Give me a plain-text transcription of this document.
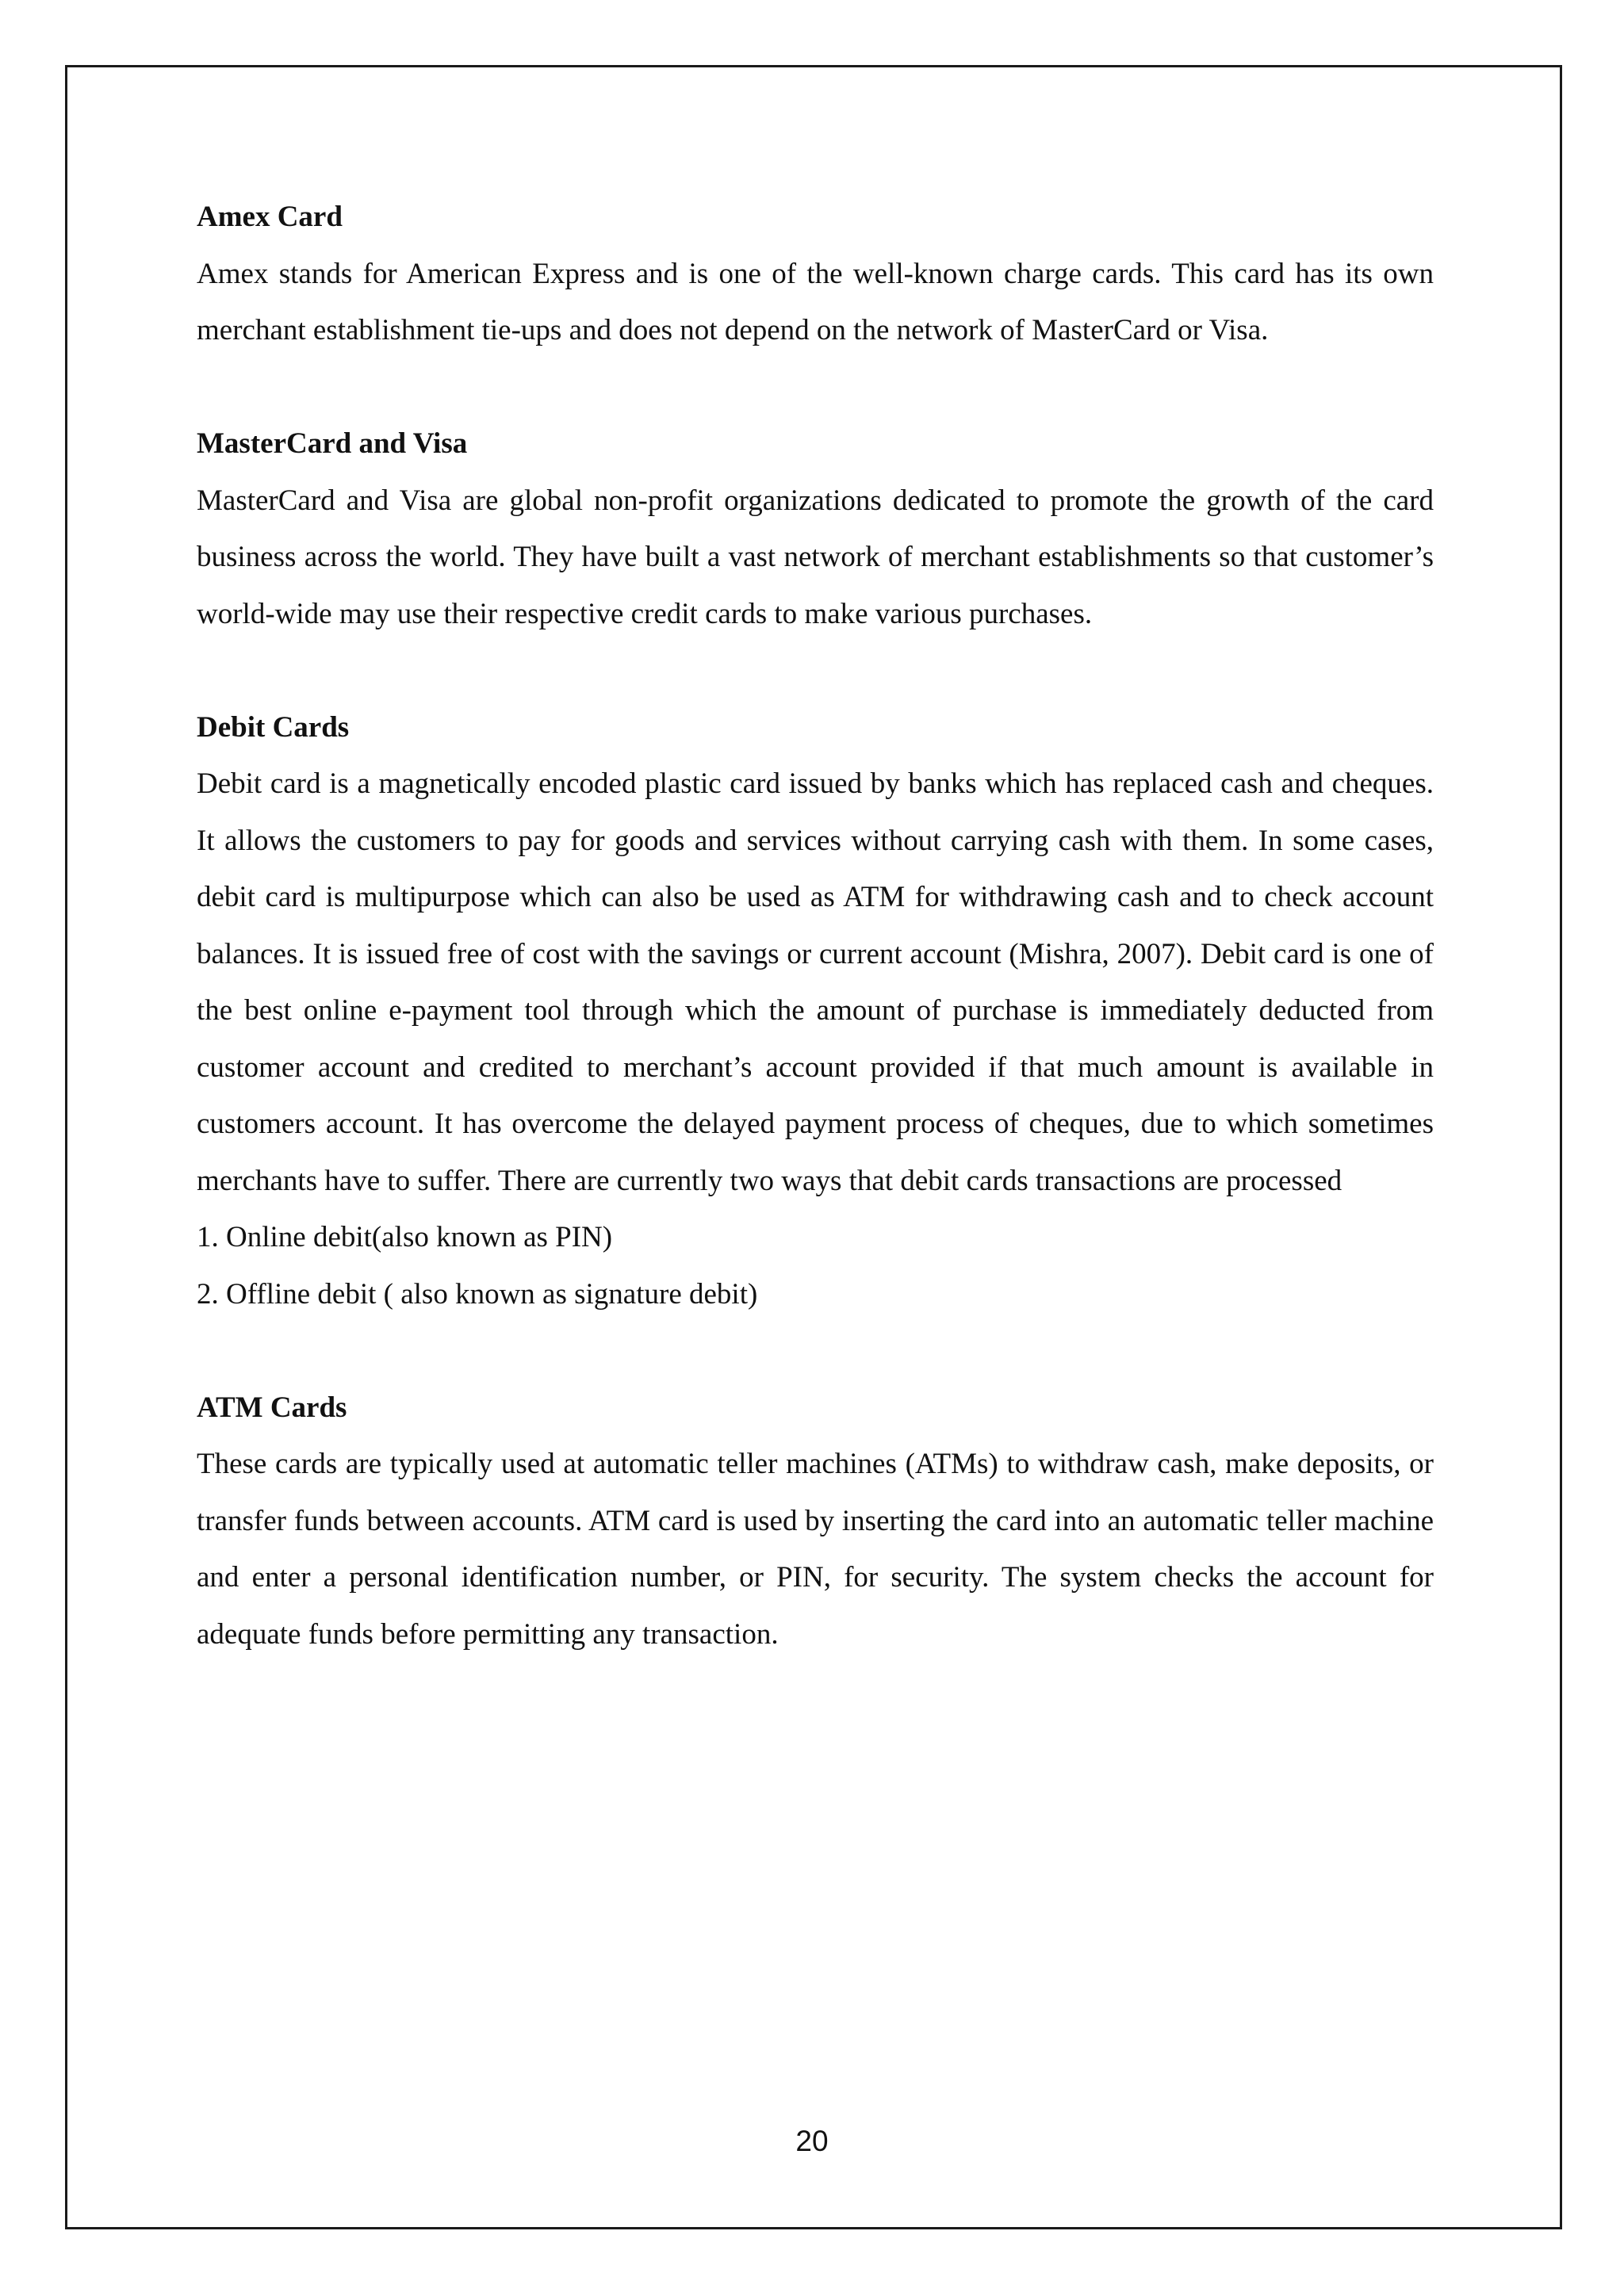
Amex Card

Amex stands for American Express and is one of the well-known charge cards. This card has its own merchant establishment tie-ups and does not depend on the network of MasterCard or Visa.

MasterCard and Visa

MasterCard and Visa are global non-profit organizations dedicated to promote the growth of the card business across the world. They have built a vast network of merchant establishments so that customer’s world-wide may use their respective credit cards to make various purchases.

Debit Cards

Debit card is a magnetically encoded plastic card issued by banks which has replaced cash and cheques. It allows the customers to pay for goods and services without carrying cash with them. In some cases, debit card is multipurpose which can also be used as ATM for withdrawing cash and to check account balances. It is issued free of cost with the savings or current account (Mishra, 2007). Debit card is one of the best online e-payment tool through which the amount of purchase is immediately deducted from customer account and credited to merchant’s account provided if that much amount is available in customers account. It has overcome the delayed payment process of cheques, due to which sometimes merchants have to suffer. There are currently two ways that debit cards transactions are processed

1. Online debit(also known as PIN)

2. Offline debit ( also known as signature debit)

ATM Cards

These cards are typically used at automatic teller machines (ATMs) to withdraw cash, make deposits, or transfer funds between accounts. ATM card is used by inserting the card into an automatic teller machine and enter a personal identification number, or PIN, for security. The system checks the account for adequate funds before permitting any transaction.

20
